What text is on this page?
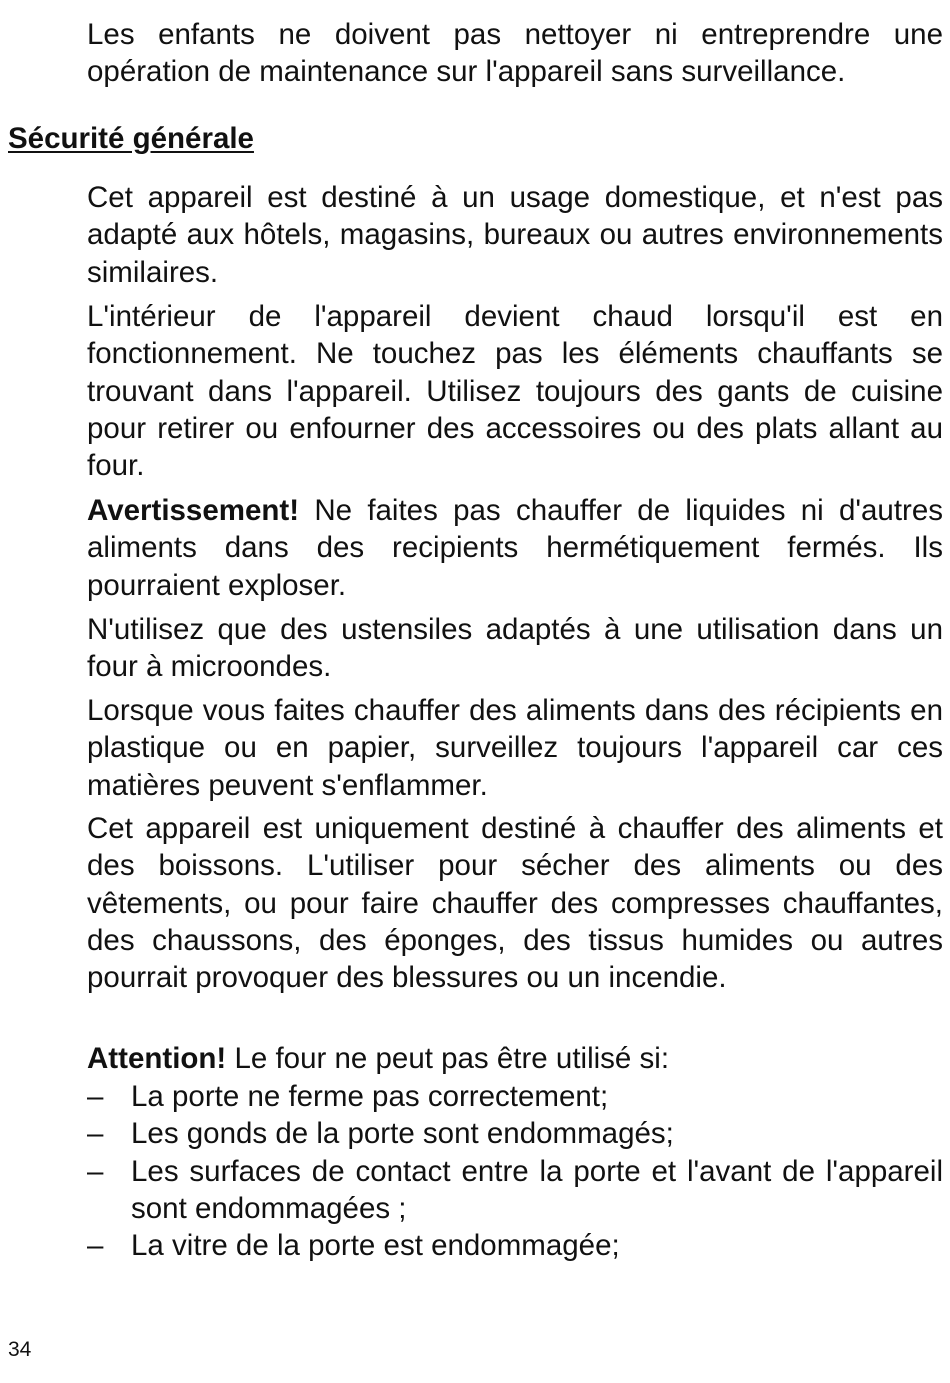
Les enfants ne doivent pas nettoyer ni entreprendre une opération de maintenance sur l'appareil sans surveillance.

Sécurité générale

Cet appareil est destiné à un usage domestique, et n'est pas adapté aux hôtels, magasins, bureaux ou autres environnements similaires.

L'intérieur de l'appareil devient chaud lorsqu'il est en fonctionnement. Ne touchez pas les éléments chauffants se trouvant dans l'appareil. Utilisez toujours des gants de cuisine pour retirer ou enfourner des accessoires ou des plats allant au four.

Avertissement! Ne faites pas chauffer de liquides ni d'autres aliments dans des recipients hermétiquement fermés. Ils pourraient exploser.

N'utilisez que des ustensiles adaptés à une utilisation dans un four à microondes.

Lorsque vous faites chauffer des aliments dans des récipients en plastique ou en papier, surveillez toujours l'appareil car ces matières peuvent s'enflammer.

Cet appareil est uniquement destiné à chauffer des aliments et des boissons. L'utiliser pour sécher des aliments ou des vêtements, ou pour faire chauffer des compresses chauffantes, des chaussons, des éponges, des tissus humides ou autres pourrait provoquer des blessures ou un incendie.

Attention! Le four ne peut pas être utilisé si:

– La porte ne ferme pas correctement;
– Les gonds de la porte sont endommagés;
– Les surfaces de contact entre la porte et l'avant de l'appareil sont endommagées ;
– La vitre de la porte est endommagée;
34
